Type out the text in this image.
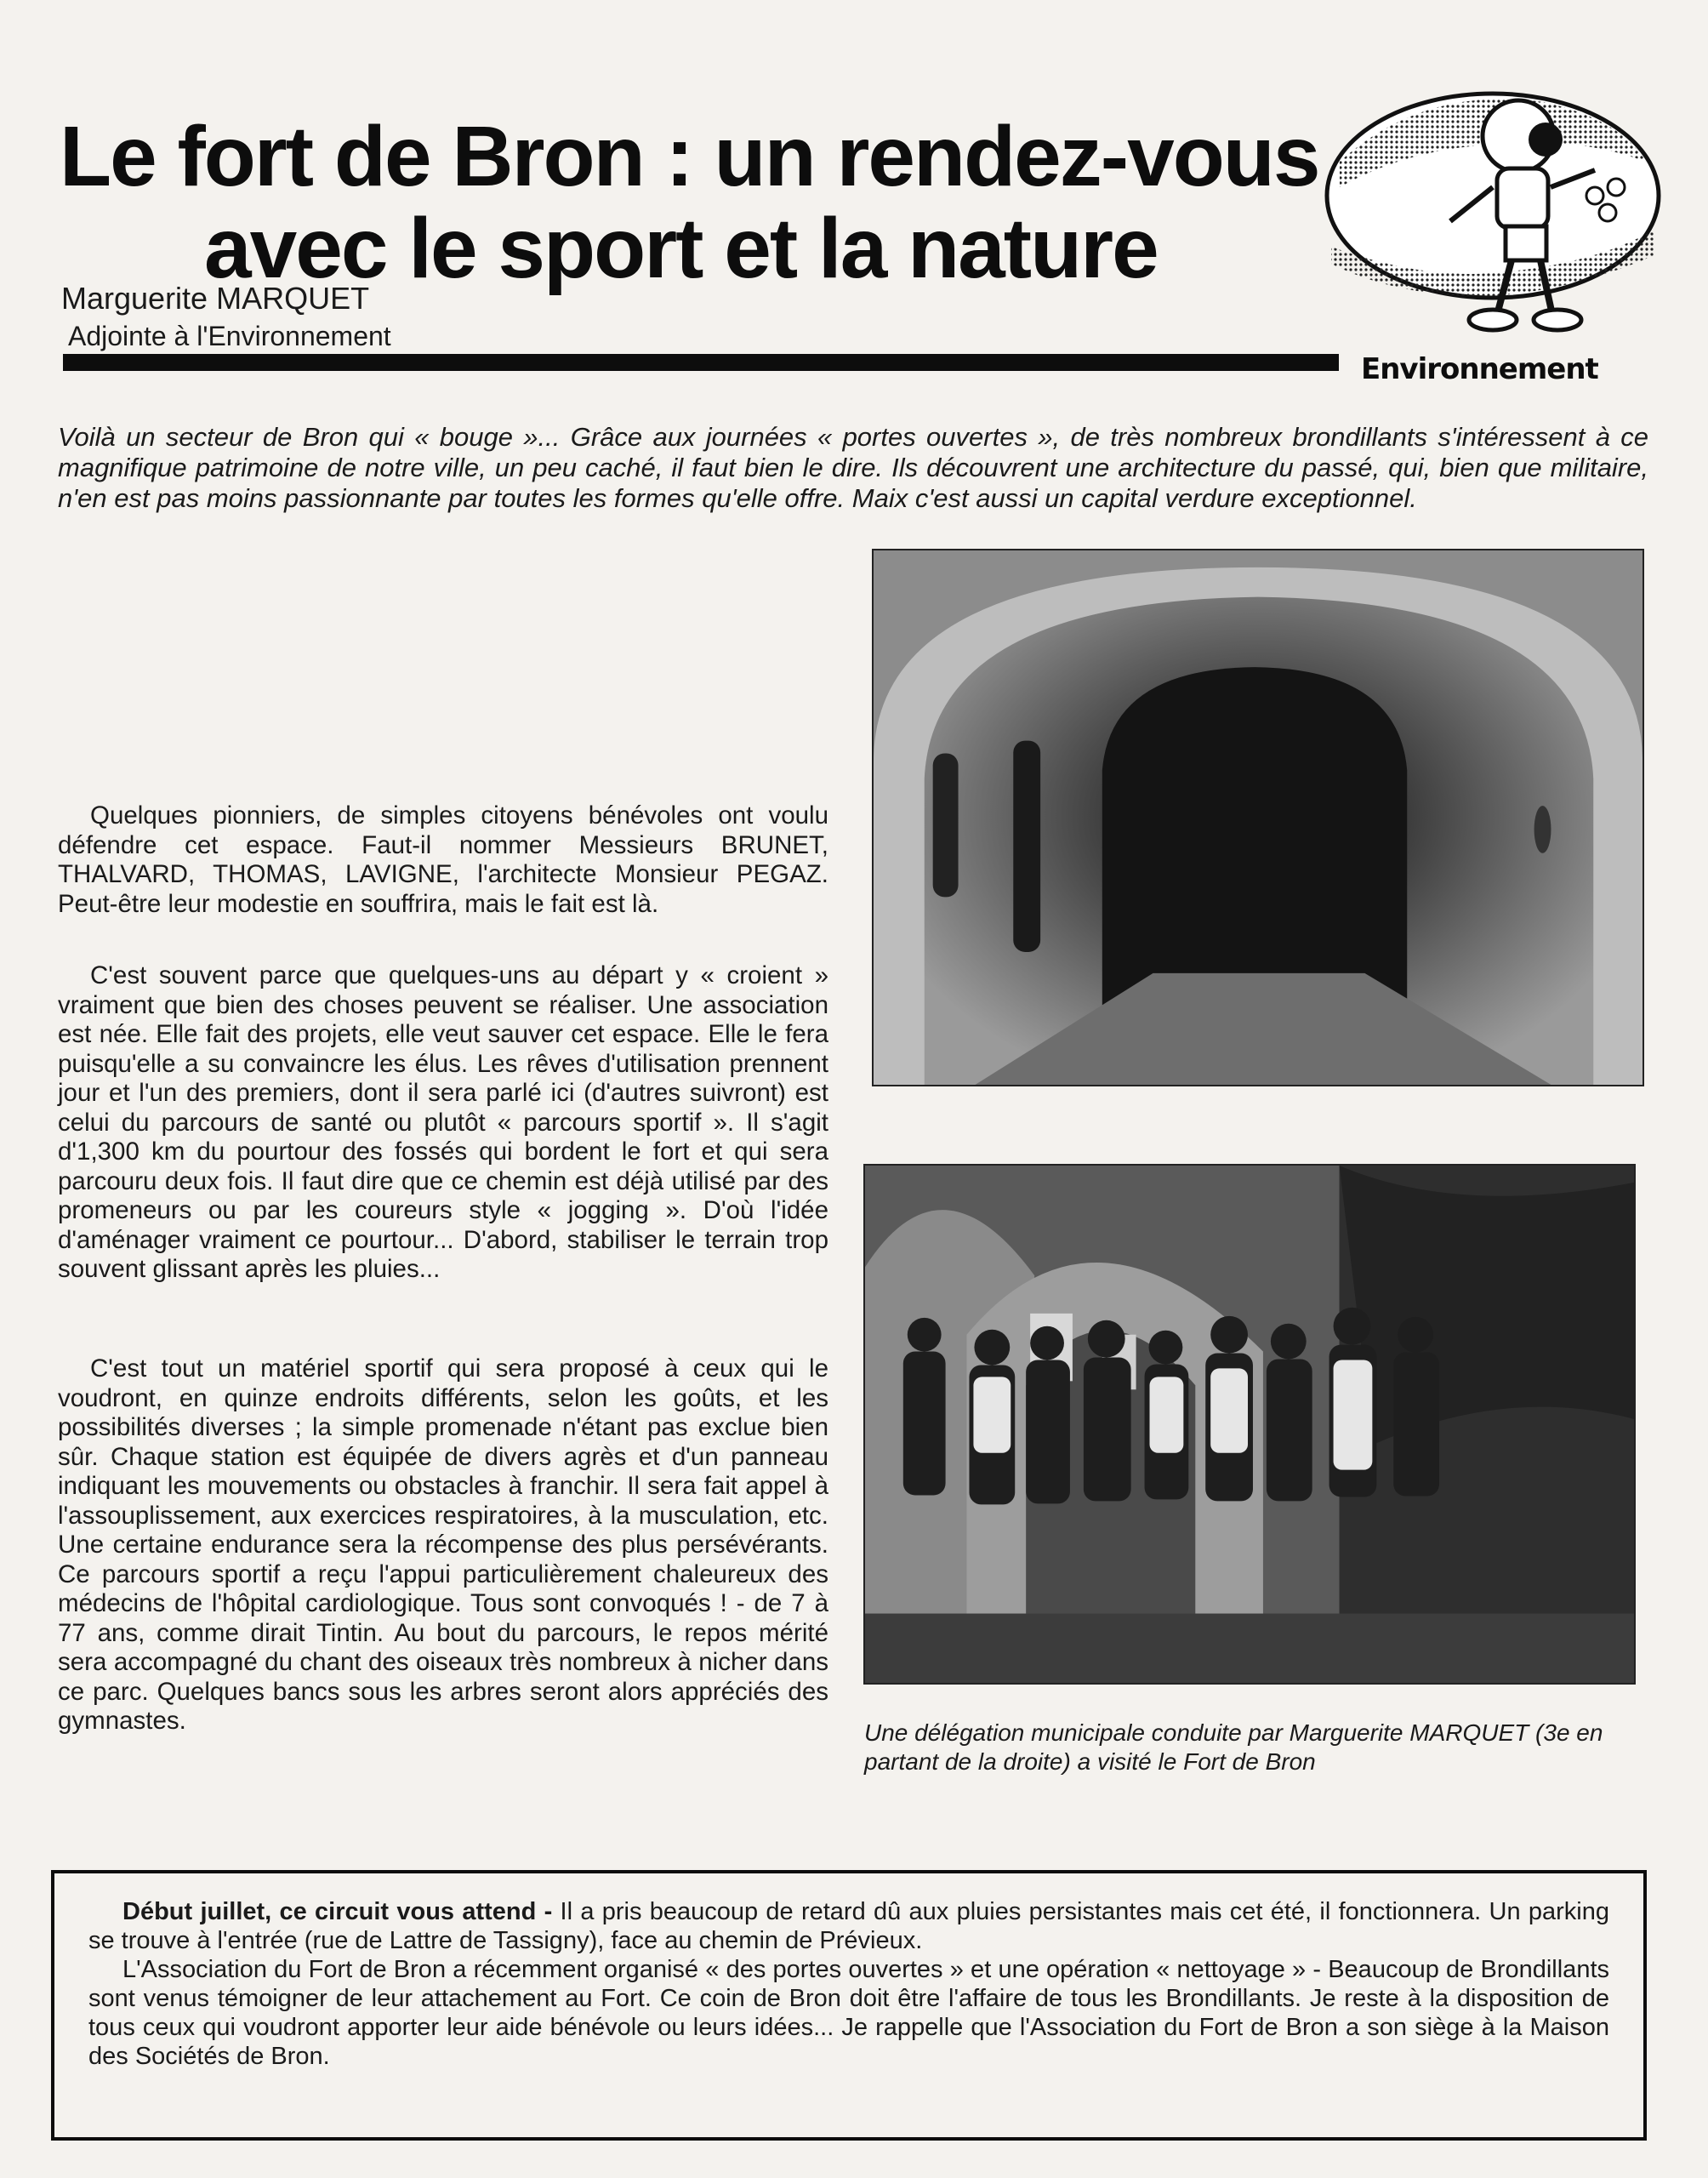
Le fort de Bron : un rendez-vous
avec le sport et la nature
Marguerite MARQUET
Adjointe à l'Environnement
Environnement

Voilà un secteur de Bron qui « bouge »... Grâce aux journées « portes ouvertes », de très nombreux brondillants s'intéressent à ce magnifique patrimoine de notre ville, un peu caché, il faut bien le dire. Ils découvrent une architecture du passé, qui, bien que militaire, n'en est pas moins passionnante par toutes les formes qu'elle offre. Maix c'est aussi un capital verdure exceptionnel.

Quelques pionniers, de simples citoyens bénévoles ont voulu défendre cet espace. Faut-il nommer Messieurs BRUNET, THALVARD, THOMAS, LAVIGNE, l'architecte Monsieur PEGAZ. Peut-être leur modestie en souffrira, mais le fait est là.

C'est souvent parce que quelques-uns au départ y « croient » vraiment que bien des choses peuvent se réaliser. Une association est née. Elle fait des projets, elle veut sauver cet espace. Elle le fera puisqu'elle a su convaincre les élus. Les rêves d'utilisation prennent jour et l'un des premiers, dont il sera parlé ici (d'autres suivront) est celui du parcours de santé ou plutôt « parcours sportif ». Il s'agit d'1,300 km du pourtour des fossés qui bordent le fort et qui sera parcouru deux fois. Il faut dire que ce chemin est déjà utilisé par des promeneurs ou par les coureurs style « jogging ». D'où l'idée d'aménager vraiment ce pourtour... D'abord, stabiliser le terrain trop souvent glissant après les pluies...

C'est tout un matériel sportif qui sera proposé à ceux qui le voudront, en quinze endroits différents, selon les goûts, et les possibilités diverses ; la simple promenade n'étant pas exclue bien sûr. Chaque station est équipée de divers agrès et d'un panneau indiquant les mouvements ou obstacles à franchir. Il sera fait appel à l'assouplissement, aux exercices respiratoires, à la musculation, etc. Une certaine endurance sera la récompense des plus persévérants. Ce parcours sportif a reçu l'appui particulièrement chaleureux des médecins de l'hôpital cardiologique. Tous sont convoqués ! - de 7 à 77 ans, comme dirait Tintin. Au bout du parcours, le repos mérité sera accompagné du chant des oiseaux très nombreux à nicher dans ce parc. Quelques bancs sous les arbres seront alors appréciés des gymnastes.	Une délégation municipale conduite par Marguerite MARQUET (3e en partant de la droite) a visité le Fort de Bron

Début juillet, ce circuit vous attend - Il a pris beaucoup de retard dû aux pluies persistantes mais cet été, il fonctionnera. Un parking se trouve à l'entrée (rue de Lattre de Tassigny), face au chemin de Prévieux.

L'Association du Fort de Bron a récemment organisé « des portes ouvertes » et une opération « nettoyage » - Beaucoup de Brondillants sont venus témoigner de leur attachement au Fort. Ce coin de Bron doit être l'affaire de tous les Brondillants. Je reste à la disposition de tous ceux qui voudront apporter leur aide bénévole ou leurs idées... Je rappelle que l'Association du Fort de Bron a son siège à la Maison des Sociétés de Bron.
